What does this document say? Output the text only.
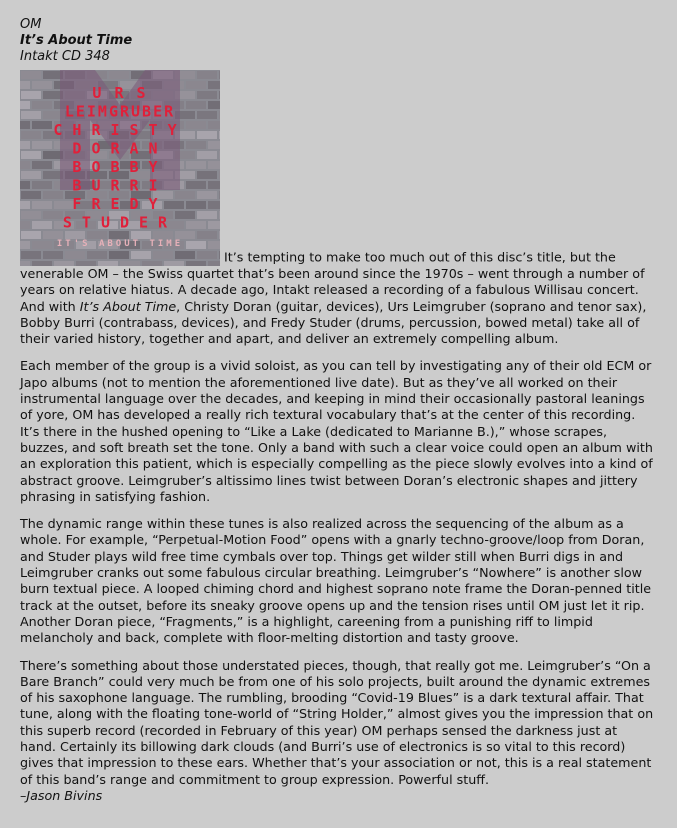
OM

It’s About Time

Intakt CD 348

U R S
LEIMGRUBER
CHRISTY
DORAN
BOBBY
BURRI
FREDY
STUDER
IT'S ABOUT TIME
It’s tempting to make too much out of this disc’s title, but the venerable OM – the Swiss quartet that’s been around since the 1970s – went through a number of years on relative hiatus. A decade ago, Intakt released a recording of a fabulous Willisau concert. And with It’s About Time, Christy Doran (guitar, devices), Urs Leimgruber (soprano and tenor sax), Bobby Burri (contrabass, devices), and Fredy Studer (drums, percussion, bowed metal) take all of their varied history, together and apart, and deliver an extremely compelling album.

Each member of the group is a vivid soloist, as you can tell by investigating any of their old ECM or Japo albums (not to mention the aforementioned live date). But as they’ve all worked on their instrumental language over the decades, and keeping in mind their occasionally pastoral leanings of yore, OM has developed a really rich textural vocabulary that’s at the center of this recording. It’s there in the hushed opening to “Like a Lake (dedicated to Marianne B.),” whose scrapes, buzzes, and soft breath set the tone. Only a band with such a clear voice could open an album with an exploration this patient, which is especially compelling as the piece slowly evolves into a kind of abstract groove. Leimgruber’s altissimo lines twist between Doran’s electronic shapes and jittery phrasing in satisfying fashion.

The dynamic range within these tunes is also realized across the sequencing of the album as a whole. For example, “Perpetual-Motion Food” opens with a gnarly techno-groove/loop from Doran, and Studer plays wild free time cymbals over top. Things get wilder still when Burri digs in and Leimgruber cranks out some fabulous circular breathing. Leimgruber’s “Nowhere” is another slow burn textual piece. A looped chiming chord and highest soprano note frame the Doran-penned title track at the outset, before its sneaky groove opens up and the tension rises until OM just let it rip. Another Doran piece, “Fragments,” is a highlight, careening from a punishing riff to limpid melancholy and back, complete with floor-melting distortion and tasty groove.

There’s something about those understated pieces, though, that really got me. Leimgruber’s “On a Bare Branch” could very much be from one of his solo projects, built around the dynamic extremes of his saxophone language. The rumbling, brooding “Covid-19 Blues” is a dark textural affair. That tune, along with the floating tone-world of “String Holder,” almost gives you the impression that on this superb record (recorded in February of this year) OM perhaps sensed the darkness just at hand. Certainly its billowing dark clouds (and Burri’s use of electronics is so vital to this record) gives that impression to these ears. Whether that’s your association or not, this is a real statement of this band’s range and commitment to group expression. Powerful stuff.

–Jason Bivins
